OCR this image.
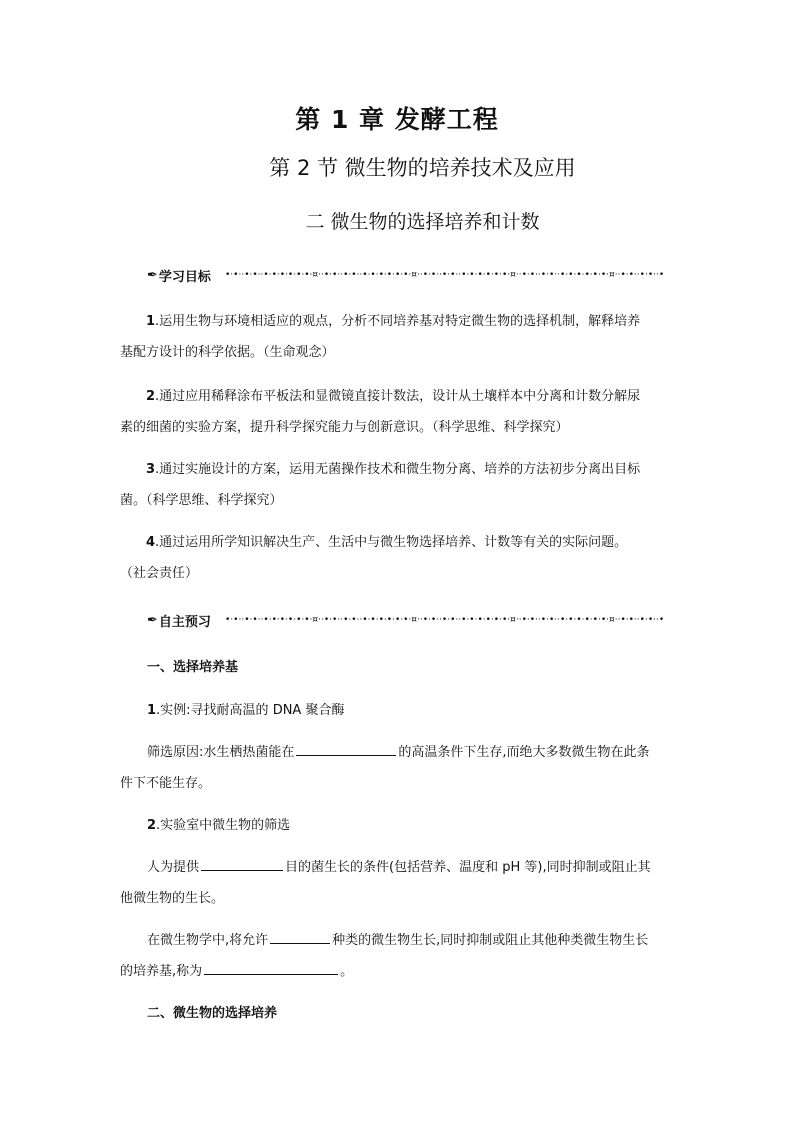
第 1 章 发酵工程
第 2 节 微生物的培养技术及应用
二 微生物的选择培养和计数
✒ 学习目标 •·•··•·•··•·•·•·•·•·•·¤··•·•··•·•··•·•·•·•·•·•·¤··•·•··•·•··•·•·•·•·•·•·¤··•·•··•·•··•·•·•·•·•·•·¤··•·•··•·•··•
1.运用生物与环境相适应的观点，分析不同培养基对特定微生物的选择机制，解释培养
基配方设计的科学依据。（生命观念）
2.通过应用稀释涂布平板法和显微镜直接计数法，设计从土壤样本中分离和计数分解尿
素的细菌的实验方案，提升科学探究能力与创新意识。（科学思维、科学探究）
3.通过实施设计的方案，运用无菌操作技术和微生物分离、培养的方法初步分离出目标
菌。（科学思维、科学探究）
4.通过运用所学知识解决生产、生活中与微生物选择培养、计数等有关的实际问题。
（社会责任）
✒ 自主预习 •·•··•·•··•·•·•·•·•·•·¤··•·•··•·•··•·•·•·•·•·•·¤··•·•··•·•··•·•·•·•·•·•·¤··•·•··•·•··•·•·•·•·•·•·¤··•·•··•·•··•
一、选择培养基
1.实例:寻找耐高温的 DNA 聚合酶
筛选原因:水生栖热菌能在	的高温条件下生存,而绝大多数微生物在此条
件下不能生存。
2.实验室中微生物的筛选
人为提供	目的菌生长的条件(包括营养、温度和 pH 等),同时抑制或阻止其
他微生物的生长。
在微生物学中,将允许	种类的微生物生长,同时抑制或阻止其他种类微生物生长
的培养基,称为	。
二、微生物的选择培养
